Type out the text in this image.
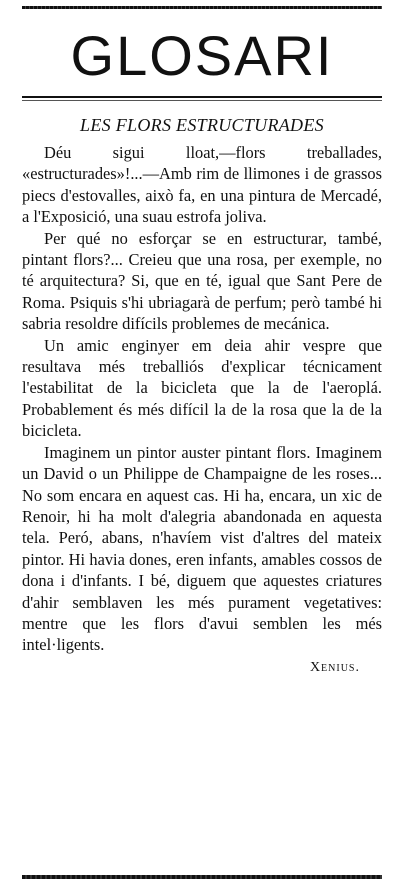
GLOSARI
LES FLORS ESTRUCTURADES

Déu sigui lloat,—flors treballades, «estructurades»!...—Amb rim de llimones i de grassos piecs d'estovalles, això fa, en una pintura de Mercadé, a l'Exposició, una suau estrofa joliva.

Per qué no esforçar se en estructurar, també, pintant flors?... Creieu que una rosa, per exemple, no té arquitectura? Si, que en té, igual que Sant Pere de Roma. Psiquis s'hi ubriagarà de perfum; però també hi sabria resoldre difícils problemes de mecánica.

Un amic enginyer em deia ahir vespre que resultava més treballiós d'explicar técnicament l'estabilitat de la bicicleta que la de l'aeroplá. Probablement és més difícil la de la rosa que la de la bicicleta.

Imaginem un pintor auster pintant flors. Imaginem un David o un Philippe de Champaigne de les roses... No som encara en aquest cas. Hi ha, encara, un xic de Renoir, hi ha molt d'alegria abandonada en aquesta tela. Peró, abans, n'havíem vist d'altres del mateix pintor. Hi havia dones, eren infants, amables cossos de dona i d'infants. I bé, diguem que aquestes criatures d'ahir semblaven les més purament vegetatives: mentre que les flors d'avui semblen les més intel·ligents.

Xenius.
